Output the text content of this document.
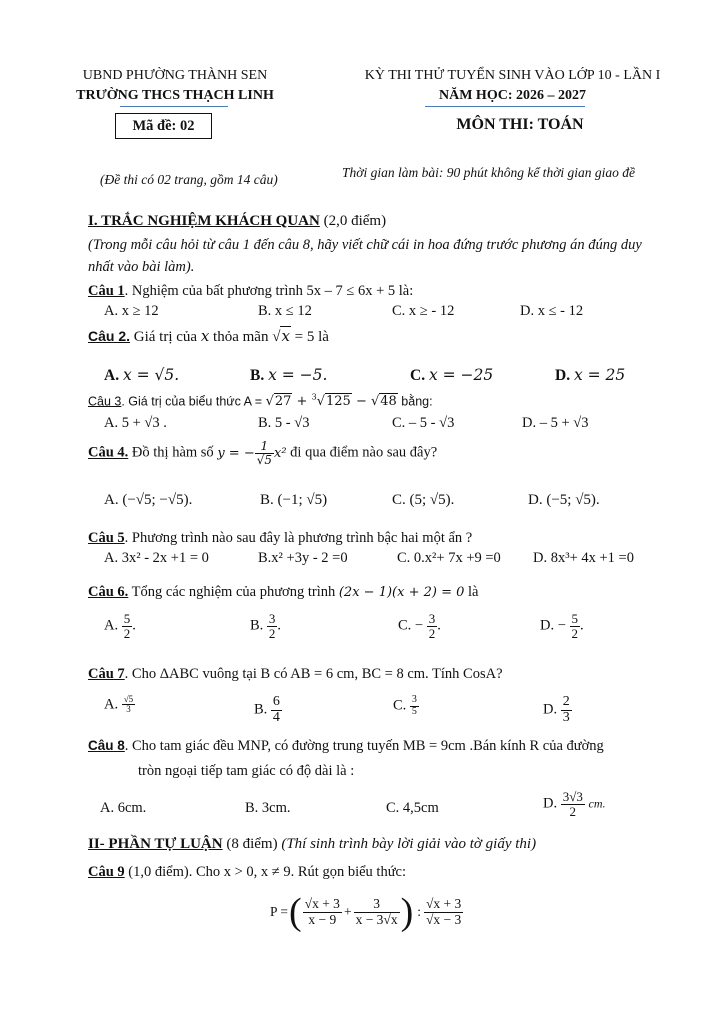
UBND PHƯỜNG THÀNH SEN
TRƯỜNG THCS THẠCH LINH
KỲ THI THỬ TUYỂN SINH VÀO LỚP 10 - LẦN I
NĂM HỌC: 2026 – 2027
Mã đề: 02	MÔN THI: TOÁN
(Đề thi có 02 trang, gồm 14 câu)	Thời gian làm bài: 90 phút không kể thời gian giao đề
I. TRẮC NGHIỆM KHÁCH QUAN (2,0 điểm)
(Trong mỗi câu hỏi từ câu 1 đến câu 8, hãy viết chữ cái in hoa đứng trước phương án đúng duy nhất vào bài làm).
Câu 1. Nghiệm của bất phương trình 5x – 7 ≤ 6x + 5 là:
A. x ≥ 12	B. x ≤ 12	C. x ≥ - 12	D. x ≤ - 12
Câu 2. Giá trị của x thỏa mãn √x = 5 là
A. x = √5.	B. x = −5.	C. x = −25	D. x = 25
Câu 3. Giá trị của biểu thức A = √27 + $^3$√125 − √48 bằng:
A. 5 + √3 .	B. 5 - √3	C. – 5 - √3	D. – 5 + √3
Câu 4. Đồ thị hàm số y = − $\frac{1}{√5} x^2$ đi qua điểm nào sau đây?
A. (−√5; −√5).	B. (−1; √5)	C. (5; √5).	D. (−5; √5).
Câu 5. Phương trình nào sau đây là phương trình bậc hai một ẩn ?
A. 3x² - 2x +1 = 0	B.x² +3y - 2 =0	C. 0.x²+ 7x +9 =0 D. 8x³+ 4x +1 =0
Câu 6. Tổng các nghiệm của phương trình (2x − 1)(x + 2) = 0 là
A. $\frac{5}{2}$ .	B. $\frac{3}{2}$ .	C. − $\frac{3}{2}$ .	D. − $\frac{5}{2}$ .
Câu 7. Cho ΔABC vuông tại B có AB = 6 cm, BC = 8 cm. Tính CosA?
A. $\frac{√5}{3}$	B. $\frac{6}{4}$	C. $\frac{3}{5}$	D. $\frac{2}{3}$
Câu 8. Cho tam giác đều MNP, có đường trung tuyến MB = 9cm .Bán kính R của đường
tròn ngoại tiếp tam giác có độ dài là :
A. 6cm.	B. 3cm.	C. 4,5cm	D. $\frac{3√3}{2}$ cm.
II- PHẦN TỰ LUẬN (8 điểm) (Thí sinh trình bày lời giải vào tờ giấy thi)
Câu 9 (1,0 điểm). Cho x > 0, x ≠ 9. Rút gọn biểu thức:
P = ( $\frac{√x + 3}{x - 9} + \frac{3}{x - 3√x}$ ) : $\frac{√x + 3}{√x - 3}$
